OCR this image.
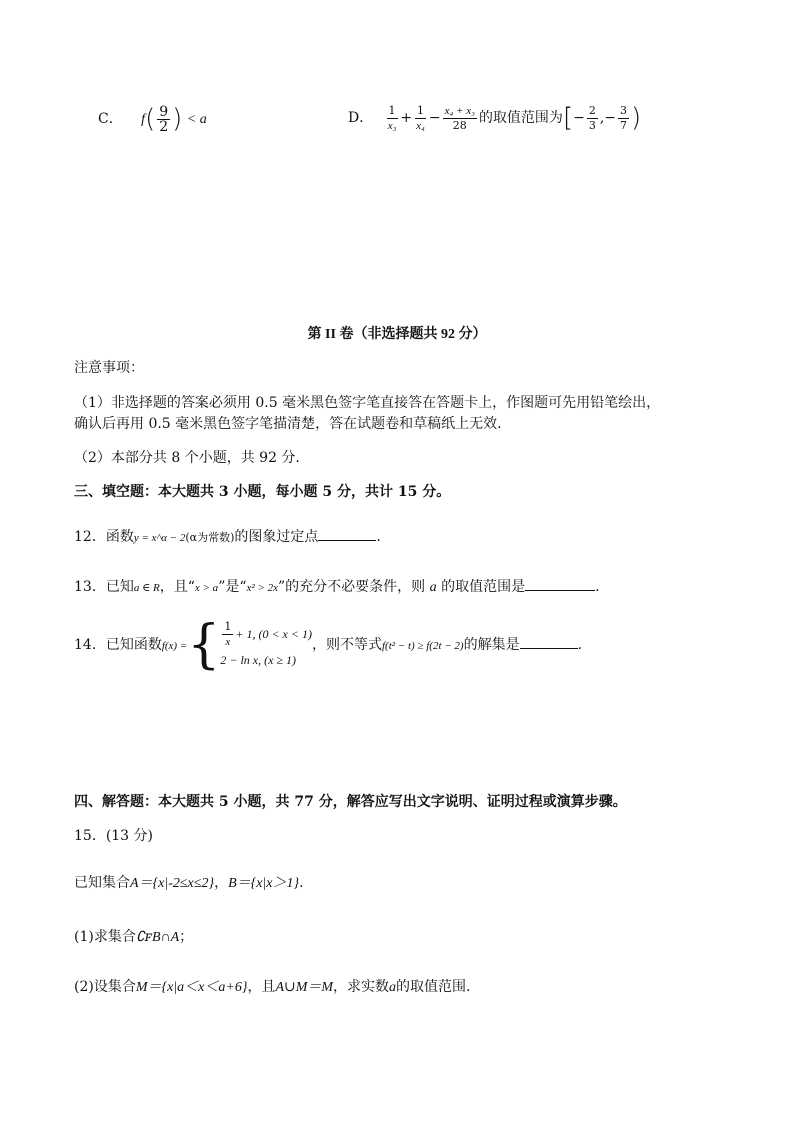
C． $f( \frac{9}{2}$ ) < a	D． $\frac{1}{\text{x₃}} + \frac{1}{\text{x₄}} - \frac{\text{x₄ + x₃}}{28}$ 的取值范围为[− $\frac{2}{3}$ ,− $\frac{3}{7}$ )
第 II 卷（非选择题共 92 分）
注意事项：
（1）非选择题的答案必须用 0.5 毫米黑色签字笔直接答在答题卡上，作图题可先用铅笔绘出，
确认后再用 0.5 毫米黑色签字笔描清楚，答在试题卷和草稿纸上无效.
（2）本部分共 8 个小题，共 92 分.
三、填空题：本大题共 3 小题，每小题 5 分，共计 15 分。
12．函数y = x^α − 2(α为常数)的图象过定点	.
13．已知a ∈ R，且“x > a”是“x² > 2x”的充分不必要条件，则 a 的取值范围是	.
14．已知函数f(x) ={ $\frac{1}{x} + 1$, (0 < x < 1)
2 − ln x, (x ≥ 1)
，则不等式f(t² − t) ≥ f(2t − 2)的解集是	.
四、解答题：本大题共 5 小题，共 77 分，解答应写出文字说明、证明过程或演算步骤。
15．(13 分)
已知集合A＝{x|-2≤x≤2}，B＝{x|x＞1}.
(1)求集合∁ꜰB∩A；
(2)设集合M＝{x|a＜x＜a+6}，且A∪M＝M，求实数a的取值范围.
